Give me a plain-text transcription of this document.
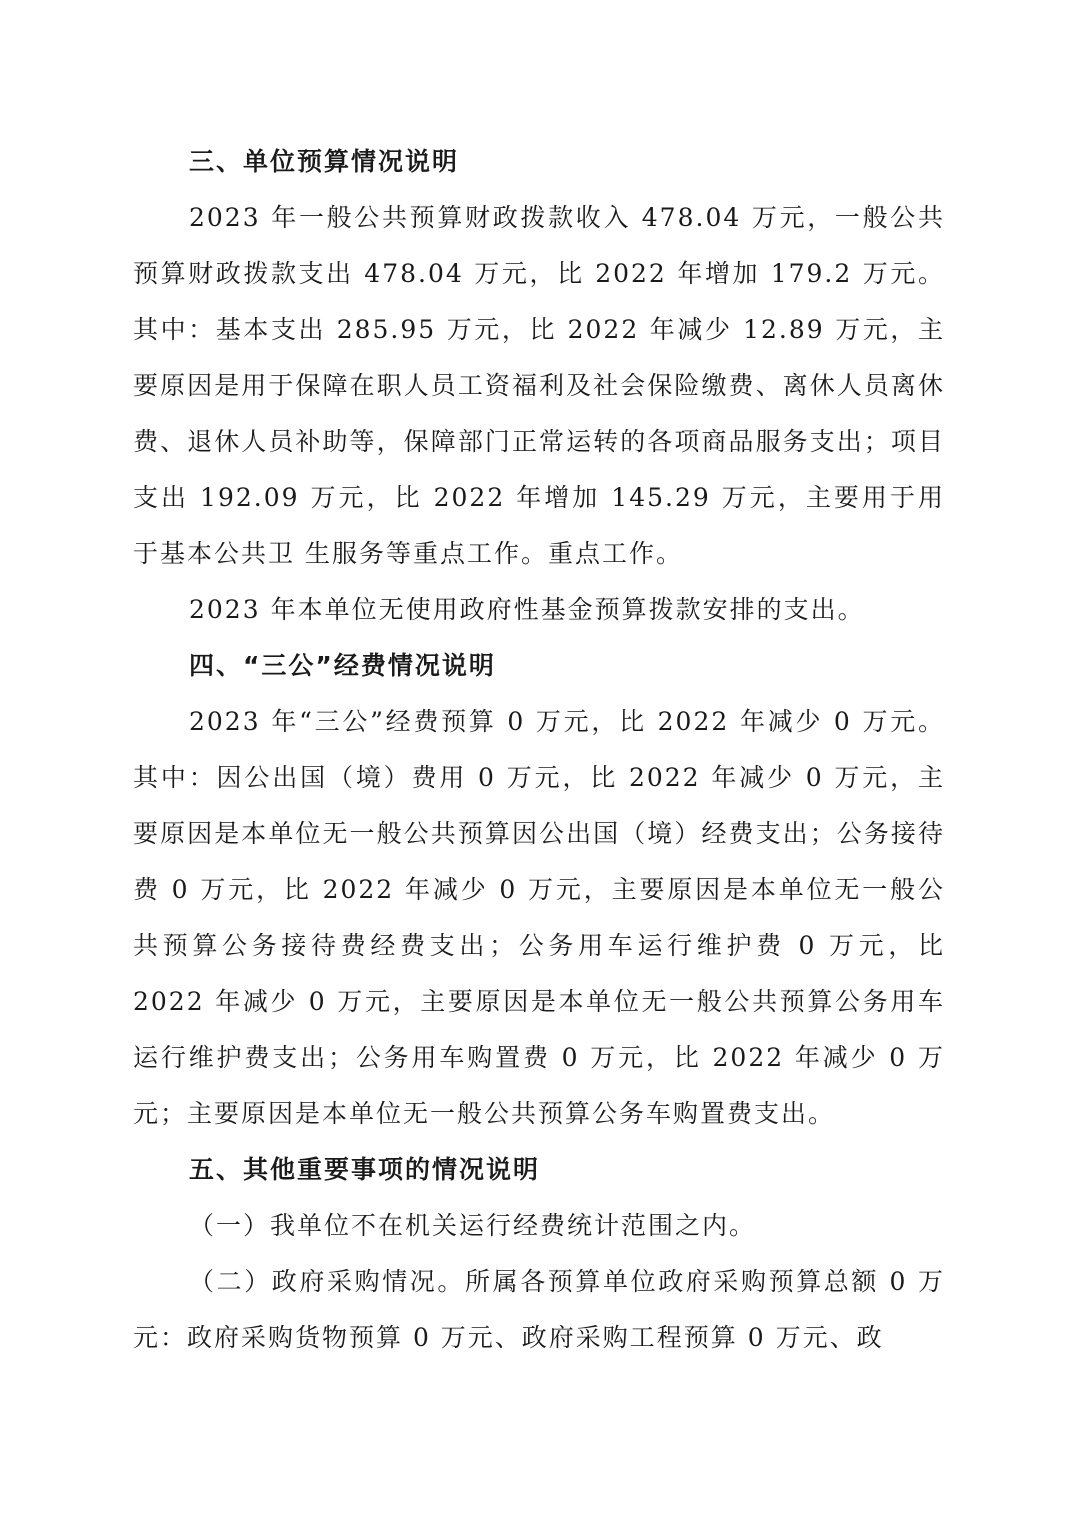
三、单位预算情况说明

2023 年一般公共预算财政拨款收入 478.04 万元，一般公共预算财政拨款支出 478.04 万元，比 2022 年增加 179.2 万元。其中：基本支出 285.95 万元，比 2022 年减少 12.89 万元，主要原因是用于保障在职人员工资福利及社会保险缴费、离休人员离休费、退休人员补助等，保障部门正常运转的各项商品服务支出；项目支出 192.09 万元，比 2022 年增加 145.29 万元，主要用于用于基本公共卫 生服务等重点工作。重点工作。

2023 年本单位无使用政府性基金预算拨款安排的支出。

四、“三公”经费情况说明

2023 年“三公”经费预算 0 万元，比 2022 年减少 0 万元。其中：因公出国（境）费用 0 万元，比 2022 年减少 0 万元，主要原因是本单位无一般公共预算因公出国（境）经费支出；公务接待费 0 万元，比 2022 年减少 0 万元，主要原因是本单位无一般公共预算公务接待费经费支出；公务用车运行维护费 0 万元，比 2022 年减少 0 万元，主要原因是本单位无一般公共预算公务用车运行维护费支出；公务用车购置费 0 万元，比 2022 年减少 0 万元；主要原因是本单位无一般公共预算公务车购置费支出。

五、其他重要事项的情况说明

（一）我单位不在机关运行经费统计范围之内。

（二）政府采购情况。所属各预算单位政府采购预算总额 0 万元：政府采购货物预算 0 万元、政府采购工程预算 0 万元、政
